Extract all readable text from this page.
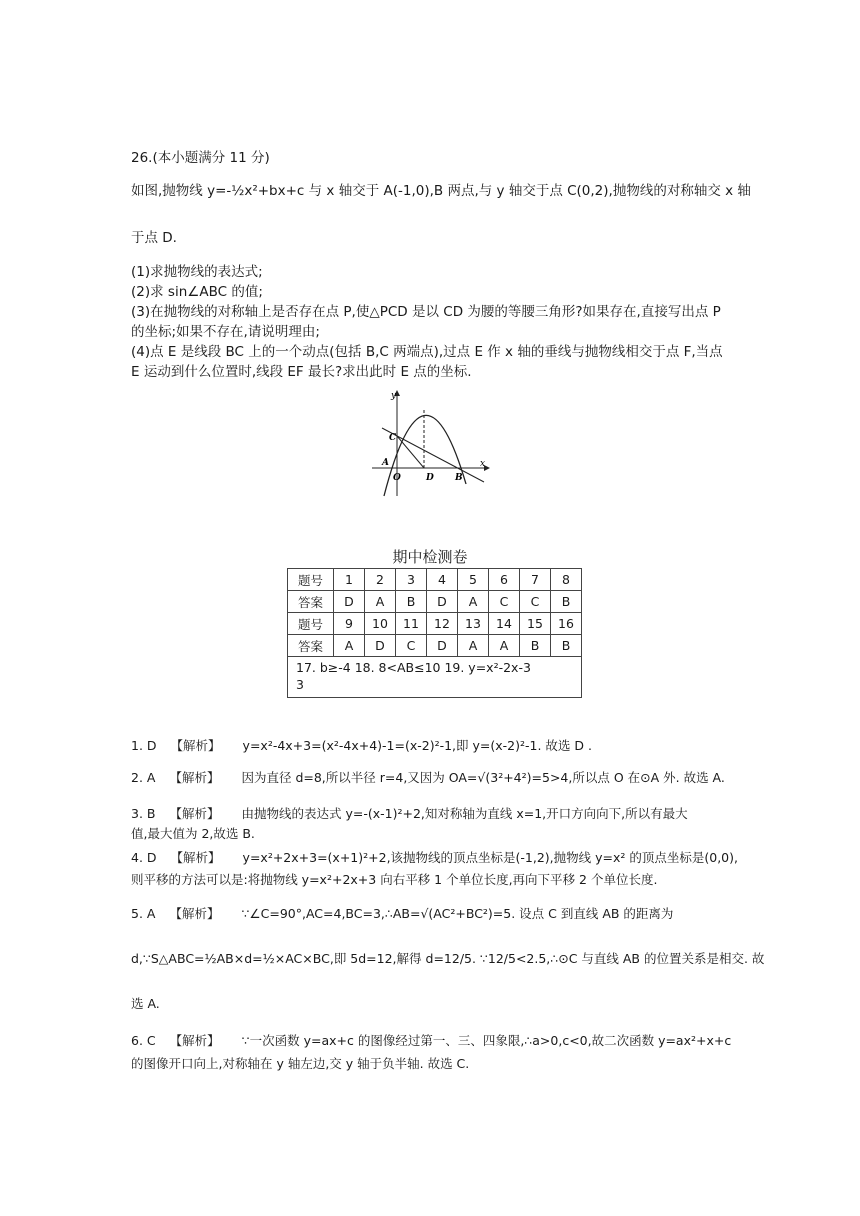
26.(本小题满分 11 分)
如图,抛物线 y=-½x²+bx+c 与 x 轴交于 A(-1,0),B 两点,与 y 轴交于点 C(0,2),抛物线的对称轴交 x 轴
于点 D.
(1)求抛物线的表达式;
(2)求 sin∠ABC 的值;
(3)在抛物线的对称轴上是否存在点 P,使△PCD 是以 CD 为腰的等腰三角形?如果存在,直接写出点 P
的坐标;如果不存在,请说明理由;
(4)点 E 是线段 BC 上的一个动点(包括 B,C 两端点),过点 E 作 x 轴的垂线与抛物线相交于点 F,当点
E 运动到什么位置时,线段 EF 最长?求出此时 E 点的坐标.
y
x
C
A
O	D B
期中检测卷
题号	1	2	3	4	5	6	7	8
答案	D	A	B	D	A	C	C	B
题号	9	10	11	12	13	14	15	16
答案	A	D	C	D	A	A	B	B

17. b≥-4 18. 8<AB≤10 19. y=x²-2x-3
3								
1. D 【解析】 y=x²-4x+3=(x²-4x+4)-1=(x-2)²-1,即 y=(x-2)²-1. 故选 D .
2. A 【解析】 因为直径 d=8,所以半径 r=4,又因为 OA=√(3²+4²)=5>4,所以点 O 在⊙A 外. 故选 A.
3. B 【解析】 由抛物线的表达式 y=-(x-1)²+2,知对称轴为直线 x=1,开口方向向下,所以有最大
值,最大值为 2,故选 B.
4. D 【解析】 y=x²+2x+3=(x+1)²+2,该抛物线的顶点坐标是(-1,2),抛物线 y=x² 的顶点坐标是(0,0),
则平移的方法可以是:将抛物线 y=x²+2x+3 向右平移 1 个单位长度,再向下平移 2 个单位长度.
5. A 【解析】 ∵∠C=90°,AC=4,BC=3,∴AB=√(AC²+BC²)=5. 设点 C 到直线 AB 的距离为
d,∵S△ABC=½AB×d=½×AC×BC,即 5d=12,解得 d=12/5. ∵12/5<2.5,∴⊙C 与直线 AB 的位置关系是相交. 故
选 A.
6. C 【解析】 ∵一次函数 y=ax+c 的图像经过第一、三、四象限,∴a>0,c<0,故二次函数 y=ax²+x+c
的图像开口向上,对称轴在 y 轴左边,交 y 轴于负半轴. 故选 C.
